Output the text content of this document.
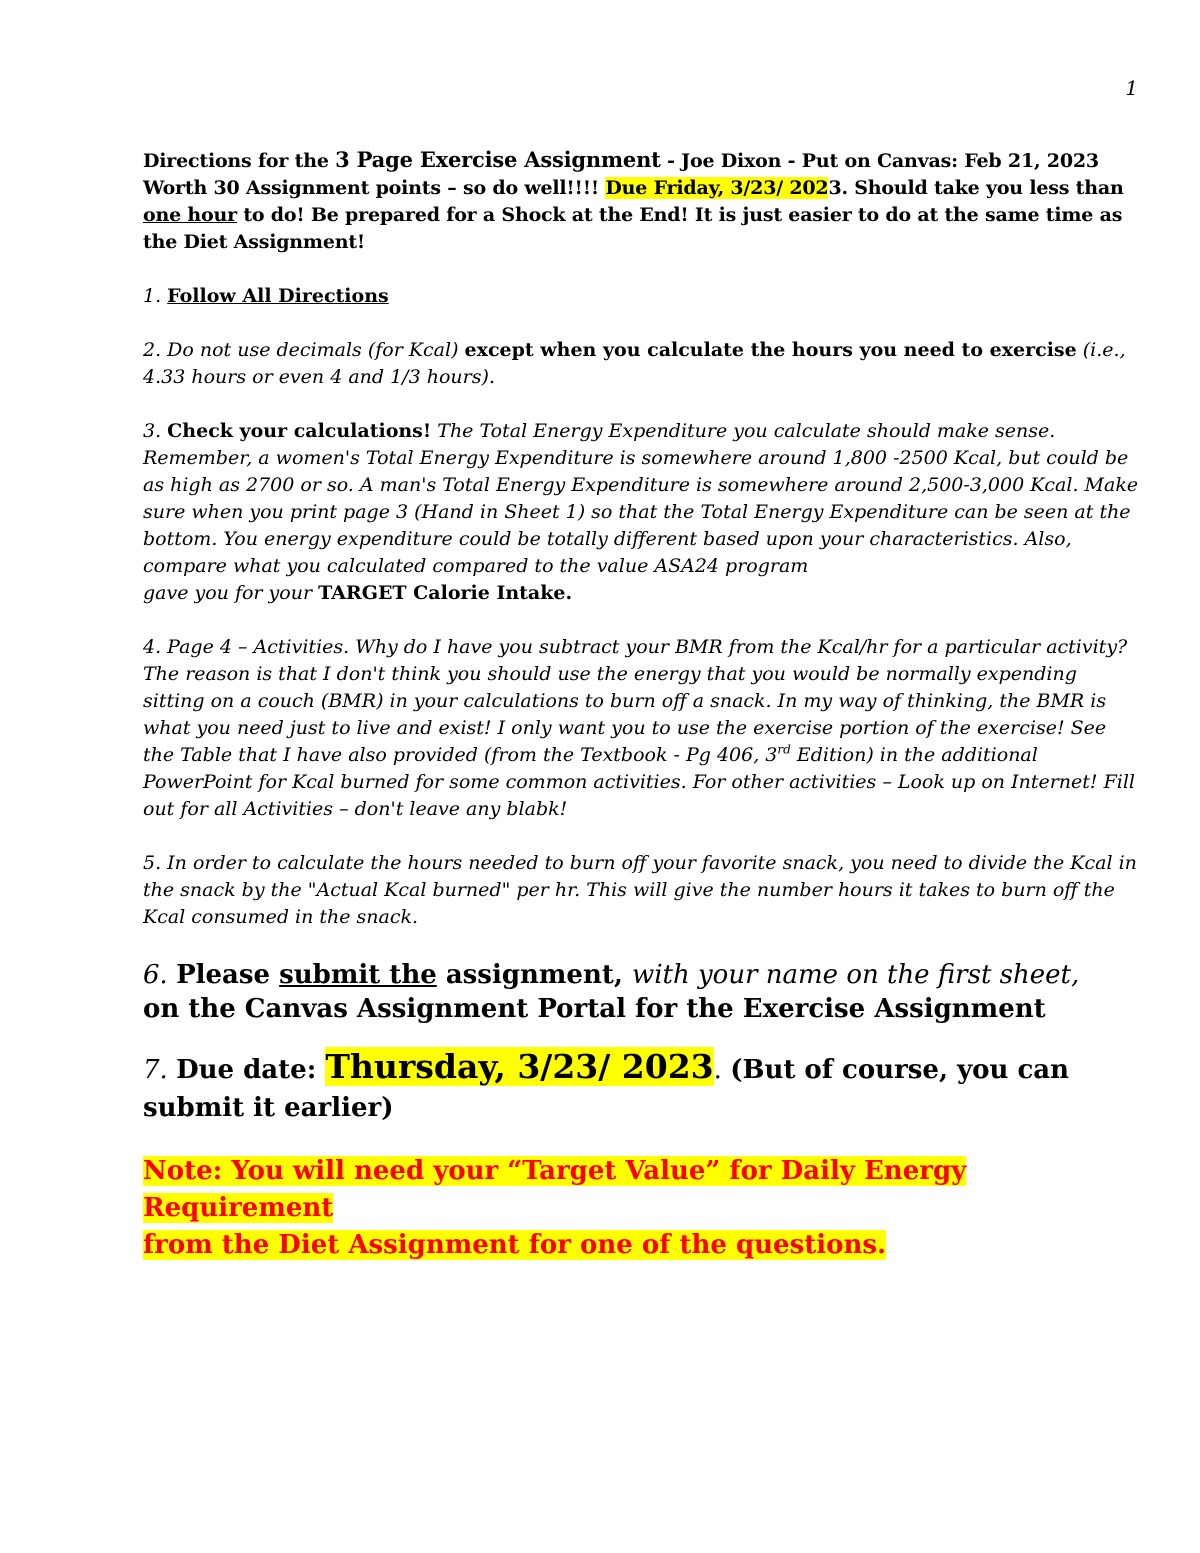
1

Directions for the 3 Page Exercise Assignment - Joe Dixon - Put on Canvas: Feb 21, 2023
Worth 30 Assignment points – so do well!!!! Due Friday, 3/23/ 2023. Should take you less than one hour to do! Be prepared for a Shock at the End! It is just easier to do at the same time as the Diet Assignment!

1. Follow All Directions

2. Do not use decimals (for Kcal) except when you calculate the hours you need to exercise (i.e., 4.33 hours or even 4 and 1/3 hours).

3. Check your calculations! The Total Energy Expenditure you calculate should make sense. Remember, a women's Total Energy Expenditure is somewhere around 1,800 -2500 Kcal, but could be as high as 2700 or so. A man's Total Energy Expenditure is somewhere around 2,500-3,000 Kcal. Make sure when you print page 3 (Hand in Sheet 1) so that the Total Energy Expenditure can be seen at the bottom. You energy expenditure could be totally different based upon your characteristics. Also, compare what you calculated compared to the value ASA24 program
gave you for your TARGET Calorie Intake.

4. Page 4 – Activities. Why do I have you subtract your BMR from the Kcal/hr for a particular activity? The reason is that I don't think you should use the energy that you would be normally expending sitting on a couch (BMR) in your calculations to burn off a snack. In my way of thinking, the BMR is what you need just to live and exist! I only want you to use the exercise portion of the exercise! See the Table that I have also provided (from the Textbook - Pg 406, 3rd Edition) in the additional PowerPoint for Kcal burned for some common activities. For other activities – Look up on Internet! Fill out for all Activities – don't leave any blabk!

5. In order to calculate the hours needed to burn off your favorite snack, you need to divide the Kcal in the snack by the "Actual Kcal burned" per hr. This will give the number hours it takes to burn off the Kcal consumed in the snack.

6. Please submit the assignment, with your name on the first sheet,
on the Canvas Assignment Portal for the Exercise Assignment

7. Due date: Thursday, 3/23/ 2023. (But of course, you can submit it earlier)

Note: You will need your “Target Value” for Daily Energy Requirement
from the Diet Assignment for one of the questions.
